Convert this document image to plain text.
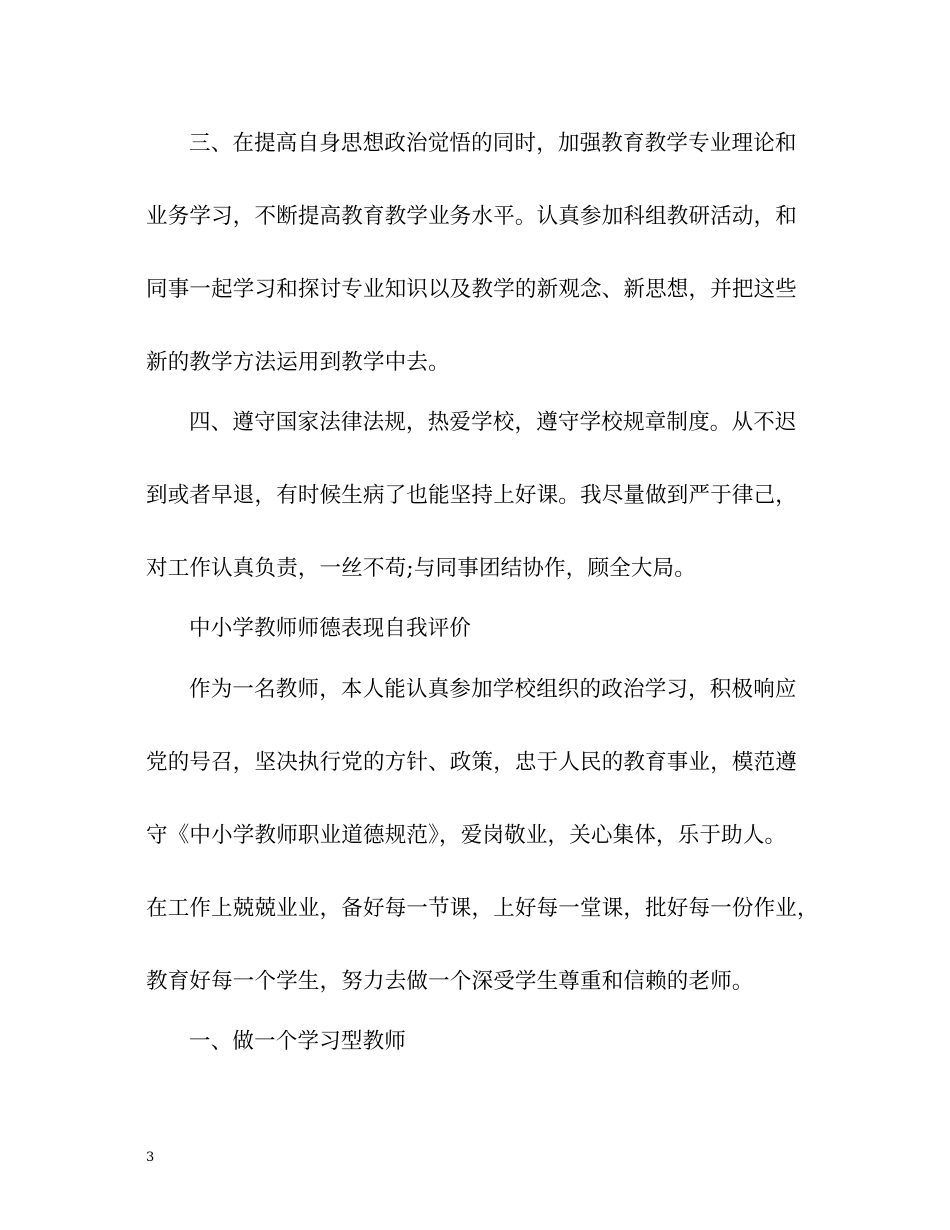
三、在提高自身思想政治觉悟的同时，加强教育教学专业理论和
业务学习，不断提高教育教学业务水平。认真参加科组教研活动，和
同事一起学习和探讨专业知识以及教学的新观念、新思想，并把这些
新的教学方法运用到教学中去。
四、遵守国家法律法规，热爱学校，遵守学校规章制度。从不迟
到或者早退，有时候生病了也能坚持上好课。我尽量做到严于律己，
对工作认真负责，一丝不苟;与同事团结协作，顾全大局。
中小学教师师德表现自我评价
作为一名教师，本人能认真参加学校组织的政治学习，积极响应
党的号召，坚决执行党的方针、政策，忠于人民的教育事业，模范遵
守《中小学教师职业道德规范》，爱岗敬业，关心集体，乐于助人。
在工作上兢兢业业，备好每一节课，上好每一堂课，批好每一份作业，
教育好每一个学生，努力去做一个深受学生尊重和信赖的老师。
一、做一个学习型教师
3
